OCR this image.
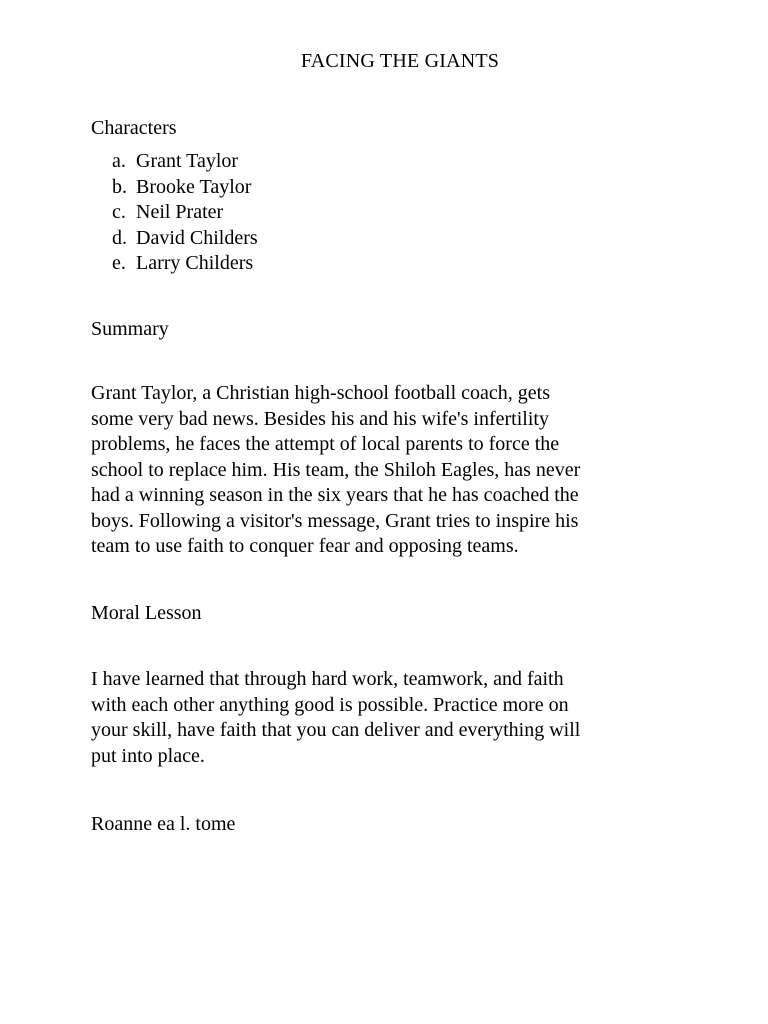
FACING THE GIANTS
Characters
a. Grant Taylor
b. Brooke Taylor
c. Neil Prater
d. David Childers
e. Larry Childers
Summary

Grant Taylor, a Christian high-school football coach, gets
some very bad news. Besides his and his wife's infertility
problems, he faces the attempt of local parents to force the
school to replace him. His team, the Shiloh Eagles, has never
had a winning season in the six years that he has coached the
boys. Following a visitor's message, Grant tries to inspire his
team to use faith to conquer fear and opposing teams.

Moral Lesson

I have learned that through hard work, teamwork, and faith
with each other anything good is possible. Practice more on
your skill, have faith that you can deliver and everything will
put into place.

Roanne ea l. tome
